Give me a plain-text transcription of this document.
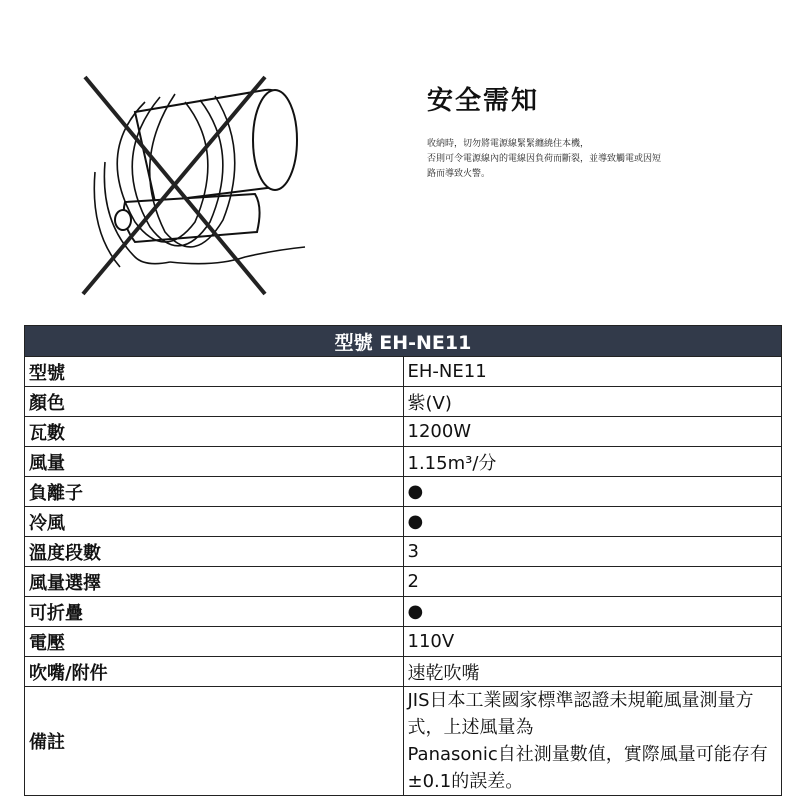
安全需知
收納時，切勿將電源線緊緊纏繞住本機，
否則可令電源線內的電線因負荷而斷裂，並導致觸電或因短
路而導致火警。
型號 EH-NE11	
型號	EH-NE11
顏色	紫(V)
瓦數	1200W
風量	1.15m³/分
負離子	●
冷風	●
溫度段數	3
風量選擇	2
可折疊	●
電壓	110V
吹嘴/附件	速乾吹嘴
備註	JIS日本工業國家標準認證未規範風量測量方式，上述風量為
Panasonic自社測量數值，實際風量可能存有±0.1的誤差。
